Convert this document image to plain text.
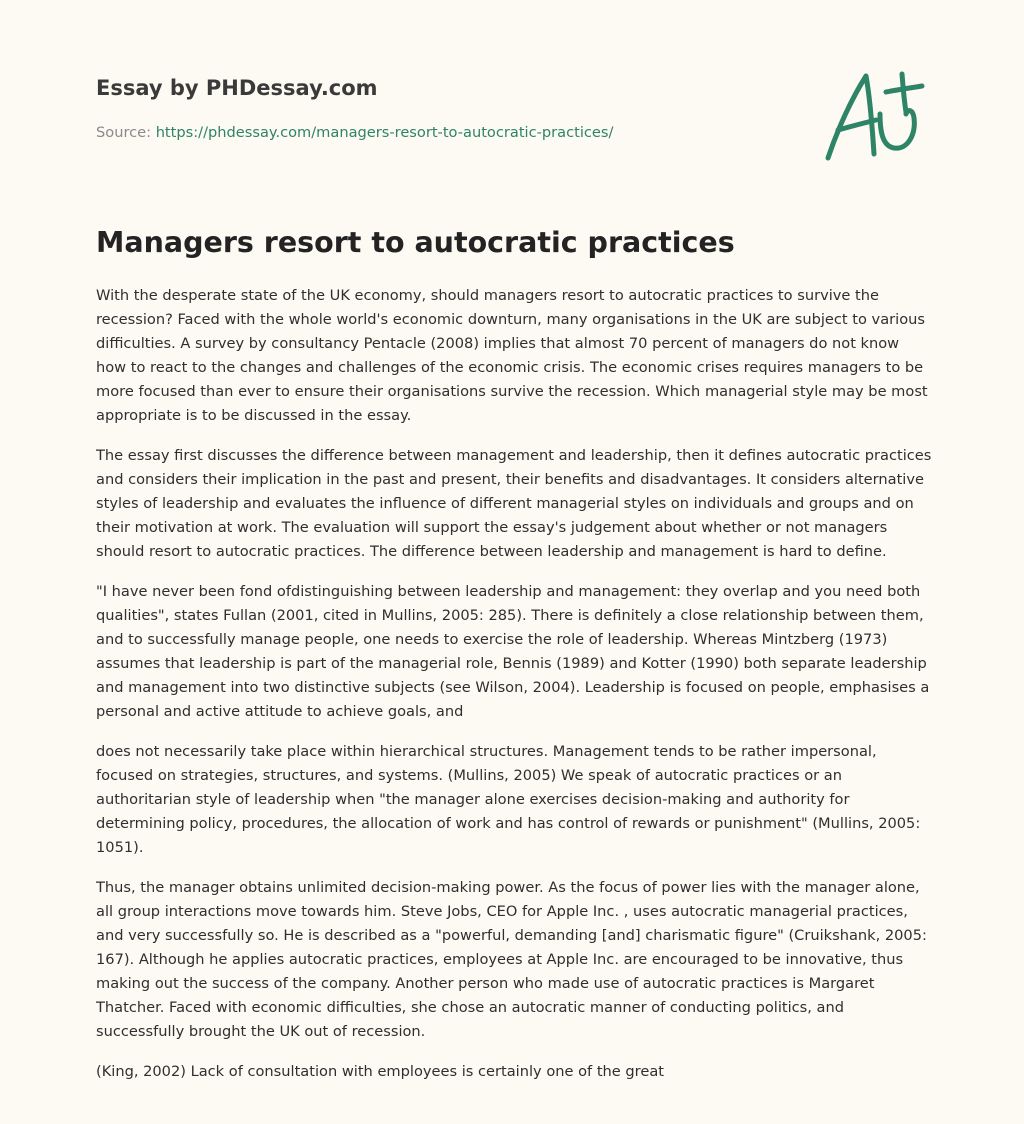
Essay by PHDessay.com
Source: https://phdessay.com/managers-resort-to-autocratic-practices/
Managers resort to autocratic practices

With the desperate state of the UK economy, should managers resort to autocratic practices to survive the recession? Faced with the whole world's economic downturn, many organisations in the UK are subject to various difficulties. A survey by consultancy Pentacle (2008) implies that almost 70 percent of managers do not know how to react to the changes and challenges of the economic crisis. The economic crises requires managers to be more focused than ever to ensure their organisations survive the recession. Which managerial style may be most appropriate is to be discussed in the essay.

The essay first discusses the difference between management and leadership, then it defines autocratic practices and considers their implication in the past and present, their benefits and disadvantages. It considers alternative styles of leadership and evaluates the influence of different managerial styles on individuals and groups and on their motivation at work. The evaluation will support the essay's judgement about whether or not managers should resort to autocratic practices. The difference between leadership and management is hard to define.

"I have never been fond ofdistinguishing between leadership and management: they overlap and you need both qualities", states Fullan (2001, cited in Mullins, 2005: 285). There is definitely a close relationship between them, and to successfully manage people, one needs to exercise the role of leadership. Whereas Mintzberg (1973) assumes that leadership is part of the managerial role, Bennis (1989) and Kotter (1990) both separate leadership and management into two distinctive subjects (see Wilson, 2004). Leadership is focused on people, emphasises a personal and active attitude to achieve goals, and

does not necessarily take place within hierarchical structures. Management tends to be rather impersonal, focused on strategies, structures, and systems. (Mullins, 2005) We speak of autocratic practices or an authoritarian style of leadership when "the manager alone exercises decision-making and authority for determining policy, procedures, the allocation of work and has control of rewards or punishment" (Mullins, 2005: 1051).

Thus, the manager obtains unlimited decision-making power. As the focus of power lies with the manager alone, all group interactions move towards him. Steve Jobs, CEO for Apple Inc. , uses autocratic managerial practices, and very successfully so. He is described as a "powerful, demanding [and] charismatic figure" (Cruikshank, 2005: 167). Although he applies autocratic practices, employees at Apple Inc. are encouraged to be innovative, thus making out the success of the company. Another person who made use of autocratic practices is Margaret Thatcher. Faced with economic difficulties, she chose an autocratic manner of conducting politics, and successfully brought the UK out of recession.

(King, 2002) Lack of consultation with employees is certainly one of the great
